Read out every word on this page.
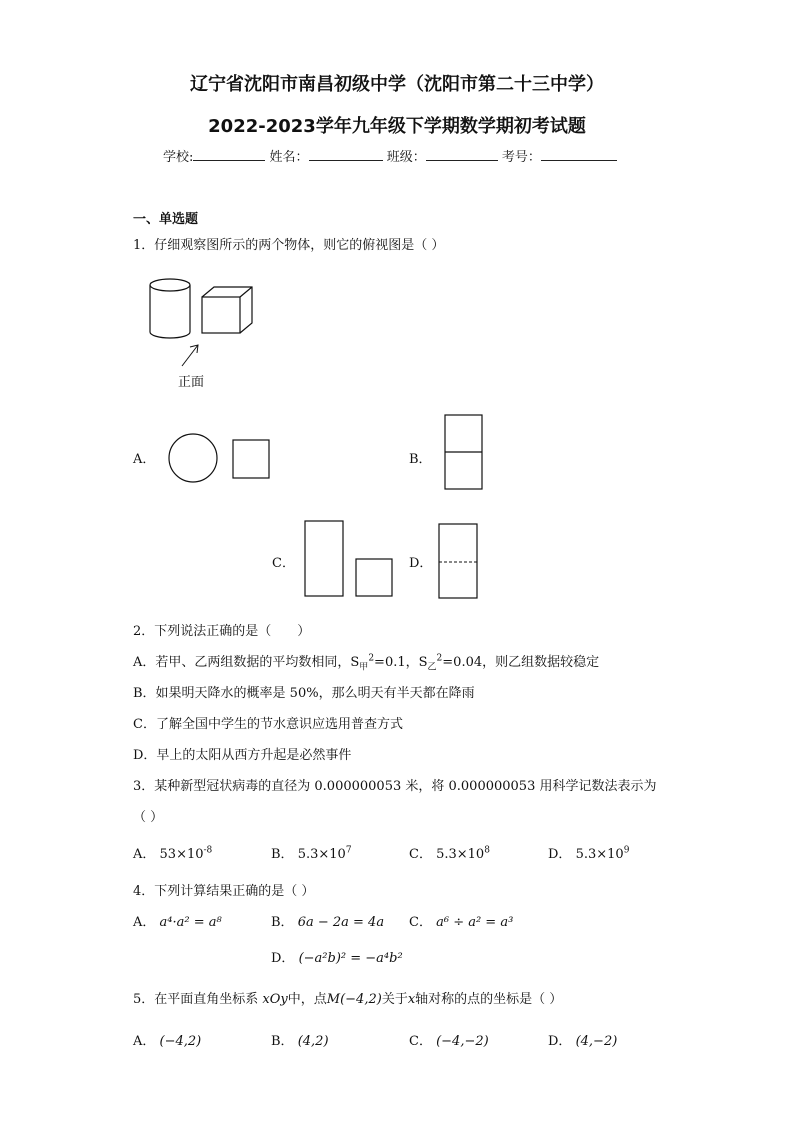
辽宁省沈阳市南昌初级中学（沈阳市第二十三中学）
2022-2023学年九年级下学期数学期初考试题
学校:	姓名：	班级：	考号：
一、单选题
1．仔细观察图所示的两个物体，则它的俯视图是（ ）
正面
A．	B．
C．	D．
2．下列说法正确的是（　　）
A．若甲、乙两组数据的平均数相同，$S_甲^2=0.1$，$S_乙^2=0.04$，则乙组数据较稳定
B．如果明天降水的概率是 50%，那么明天有半天都在降雨
C．了解全国中学生的节水意识应选用普查方式
D．早上的太阳从西方升起是必然事件
3．某种新型冠状病毒的直径为 0.000000053 米，将 0.000000053 用科学记数法表示为
（ ）
A． $53\times 10^{-8}$	B． $5.3\times 10^7$	C． $5.3\times 10^8$	D． $5.3\times 10^9$
4．下列计算结果正确的是（ ）
A． a⁴·a² = a⁸	B． 6a − 2a = 4a C． a⁶ ÷ a² = a³
D． (−a²b)² = −a⁴b²
5．在平面直角坐标系 xOy中，点M(−4,2)关于x轴对称的点的坐标是（ ）
A． (−4,2)	B． (4,2)	C． (−4,−2)	D． (4,−2)
